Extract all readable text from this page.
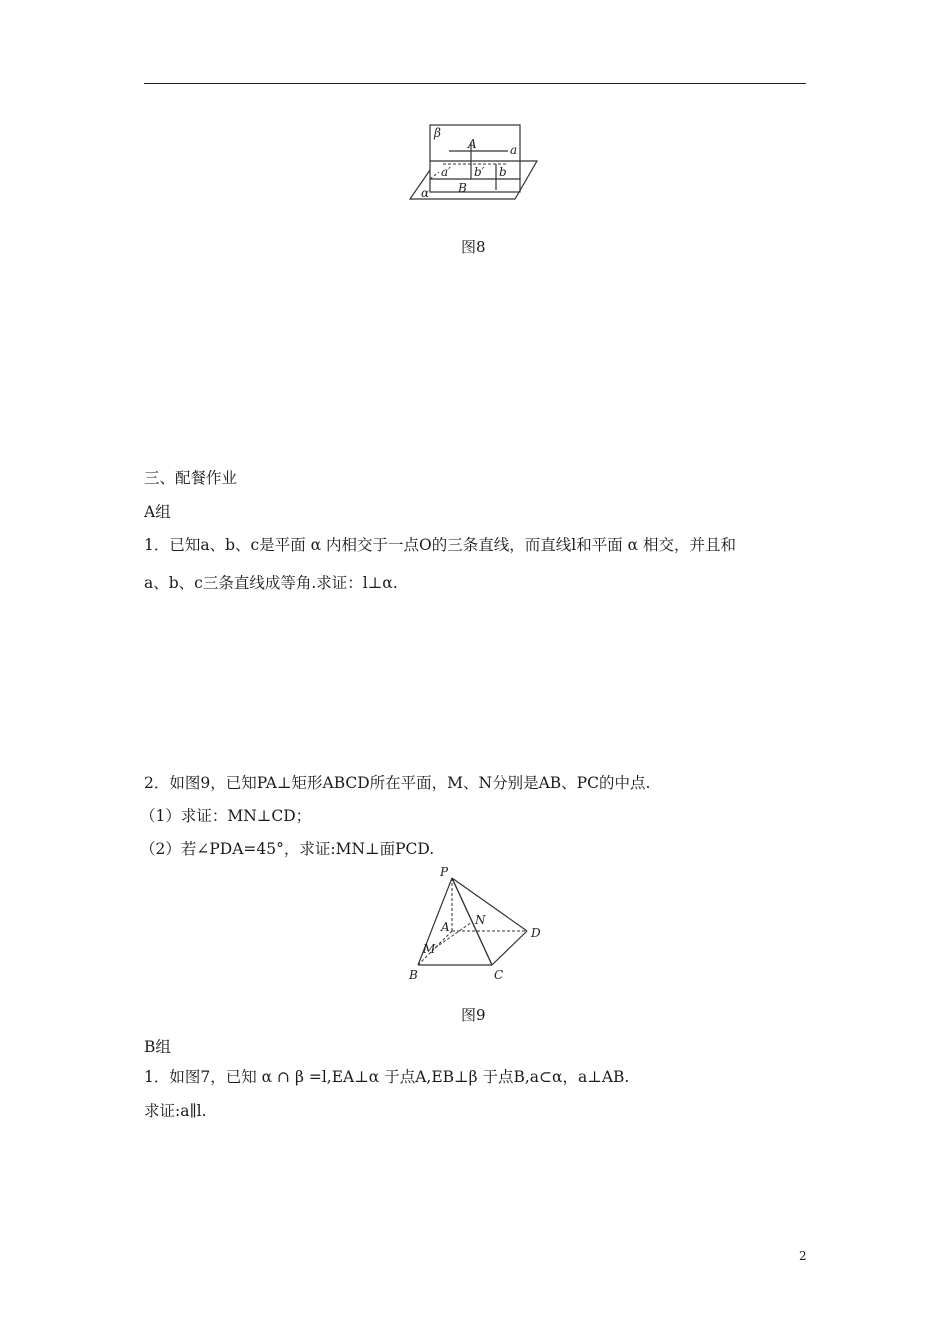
β
A	a
a′ b′ b
α B
图8
三、配餐作业
A组
1．已知a、b、c是平面 α 内相交于一点O的三条直线，而直线l和平面 α 相交，并且和
a、b、c三条直线成等角.求证：l⊥α.
2．如图9，已知PA⊥矩形ABCD所在平面，M、N分别是AB、PC的中点.
（1）求证：MN⊥CD；
（2）若∠PDA=45°，求证:MN⊥面PCD.
P
A N
D
M
B	C
图9
B组
1．如图7，已知 α ∩ β =l,EA⊥α 于点A,EB⊥β 于点B,a⊂α，a⊥AB.
求证:a∥l.
2
